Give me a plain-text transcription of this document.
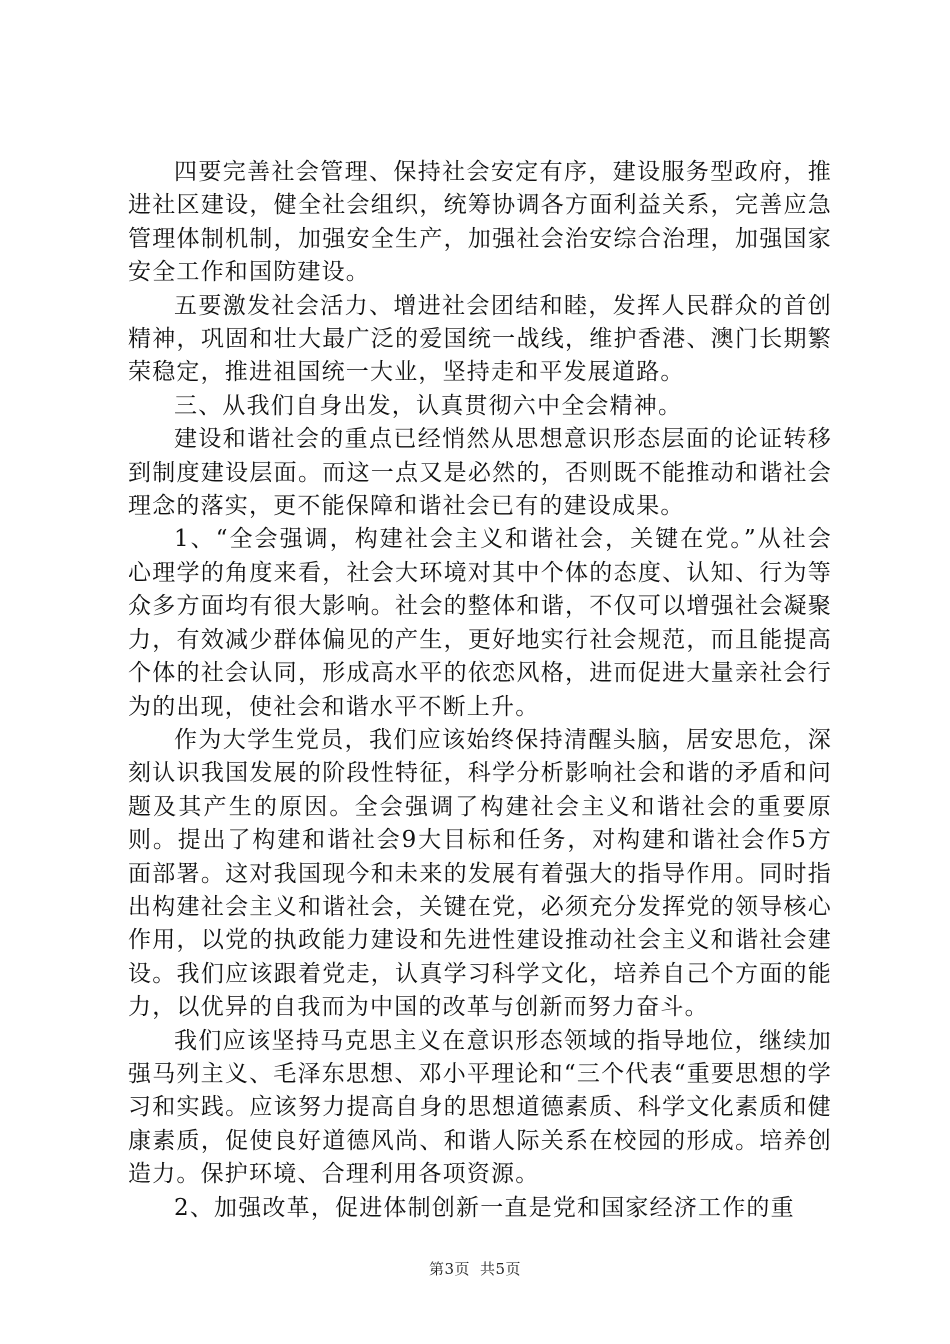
四要完善社会管理、保持社会安定有序，建设服务型政府，推进社区建设，健全社会组织，统筹协调各方面利益关系，完善应急管理体制机制，加强安全生产，加强社会治安综合治理，加强国家安全工作和国防建设。

五要激发社会活力、增进社会团结和睦，发挥人民群众的首创精神，巩固和壮大最广泛的爱国统一战线，维护香港、澳门长期繁荣稳定，推进祖国统一大业，坚持走和平发展道路。

三、从我们自身出发，认真贯彻六中全会精神。

建设和谐社会的重点已经悄然从思想意识形态层面的论证转移到制度建设层面。而这一点又是必然的，否则既不能推动和谐社会理念的落实，更不能保障和谐社会已有的建设成果。

1、“全会强调，构建社会主义和谐社会，关键在党。”从社会心理学的角度来看，社会大环境对其中个体的态度、认知、行为等众多方面均有很大影响。社会的整体和谐，不仅可以增强社会凝聚力，有效减少群体偏见的产生，更好地实行社会规范，而且能提高个体的社会认同，形成高水平的依恋风格，进而促进大量亲社会行为的出现，使社会和谐水平不断上升。

作为大学生党员，我们应该始终保持清醒头脑，居安思危，深刻认识我国发展的阶段性特征，科学分析影响社会和谐的矛盾和问题及其产生的原因。全会强调了构建社会主义和谐社会的重要原则。提出了构建和谐社会9大目标和任务，对构建和谐社会作5方面部署。这对我国现今和未来的发展有着强大的指导作用。同时指出构建社会主义和谐社会，关键在党，必须充分发挥党的领导核心作用，以党的执政能力建设和先进性建设推动社会主义和谐社会建设。我们应该跟着党走，认真学习科学文化，培养自己个方面的能力，以优异的自我而为中国的改革与创新而努力奋斗。

我们应该坚持马克思主义在意识形态领域的指导地位，继续加强马列主义、毛泽东思想、邓小平理论和“三个代表“重要思想的学习和实践。应该努力提高自身的思想道德素质、科学文化素质和健康素质，促使良好道德风尚、和谐人际关系在校园的形成。培养创造力。保护环境、合理利用各项资源。

2、加强改革，促进体制创新一直是党和国家经济工作的重

第3页 共5页
